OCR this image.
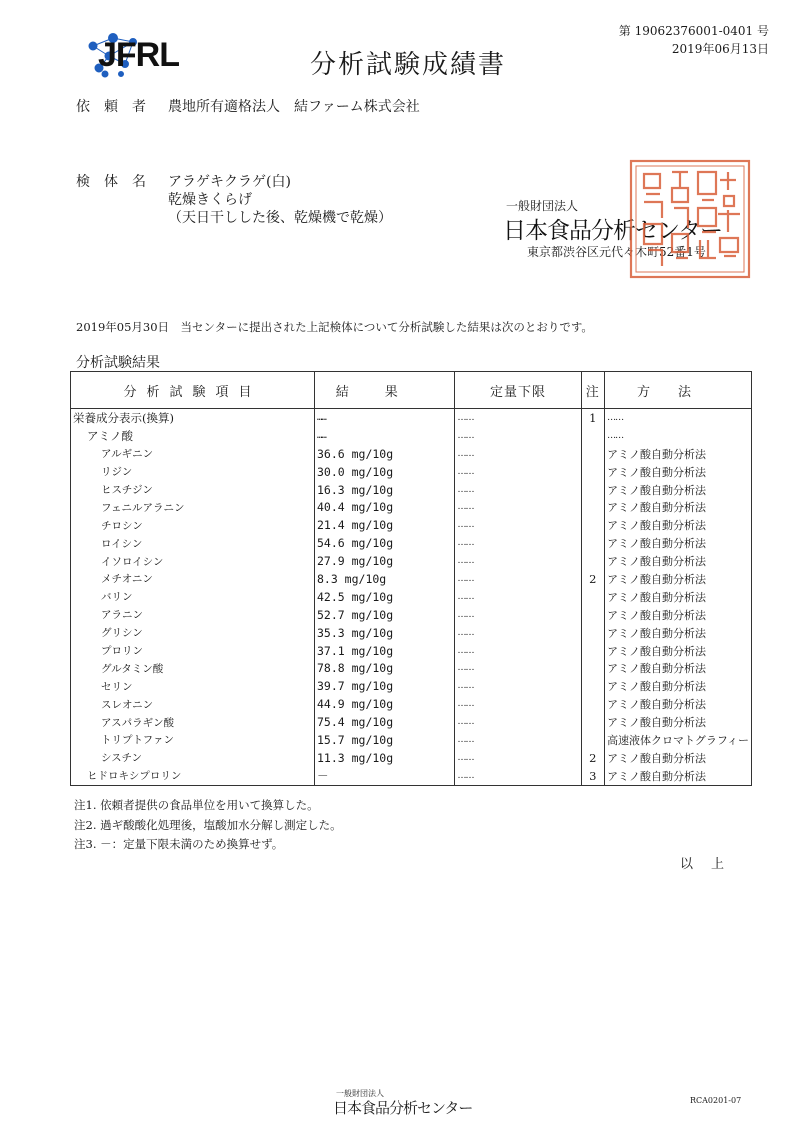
JFRL	分析試験成績書
第 19062376001-0401 号
2019年06月13日
依頼者 農地所有適格法人　結ファーム株式会社
検体名 アラゲキクラゲ(白)
乾燥きくらげ
（天日干しした後、乾燥機で乾燥）
一般財団法人
日本食品分析センター
東京都渋谷区元代々木町52番1号
2019年05月30日　当センターに提出された上記検体について分析試験した結果は次のとおりです。
分析試験結果
分析試験項目	結果	定量下限	注	方法
栄養成分表示(換算)	……	……	1	……
アミノ酸	……	……		……
アルギニン	36.6 mg/10g	……		アミノ酸自動分析法
リジン	30.0 mg/10g	……		アミノ酸自動分析法
ヒスチジン	16.3 mg/10g	……		アミノ酸自動分析法
フェニルアラニン	40.4 mg/10g	……		アミノ酸自動分析法
チロシン	21.4 mg/10g	……		アミノ酸自動分析法
ロイシン	54.6 mg/10g	……		アミノ酸自動分析法
イソロイシン	27.9 mg/10g	……		アミノ酸自動分析法
メチオニン	8.3 mg/10g	……	2	アミノ酸自動分析法
バリン	42.5 mg/10g	……		アミノ酸自動分析法
アラニン	52.7 mg/10g	……		アミノ酸自動分析法
グリシン	35.3 mg/10g	……		アミノ酸自動分析法
プロリン	37.1 mg/10g	……		アミノ酸自動分析法
グルタミン酸	78.8 mg/10g	……		アミノ酸自動分析法
セリン	39.7 mg/10g	……		アミノ酸自動分析法
スレオニン	44.9 mg/10g	……		アミノ酸自動分析法
アスパラギン酸	75.4 mg/10g	……		アミノ酸自動分析法
トリプトファン	15.7 mg/10g	……		高速液体クロマトグラフィー
シスチン	11.3 mg/10g	……	2	アミノ酸自動分析法
ヒドロキシプロリン	－	……	3	アミノ酸自動分析法
注1. 依頼者提供の食品単位を用いて換算した。
注2. 過ギ酸酸化処理後，塩酸加水分解し測定した。
注3. －：定量下限未満のため換算せず。
以上
一般財団法人
日本食品分析センター	RCA0201-07
